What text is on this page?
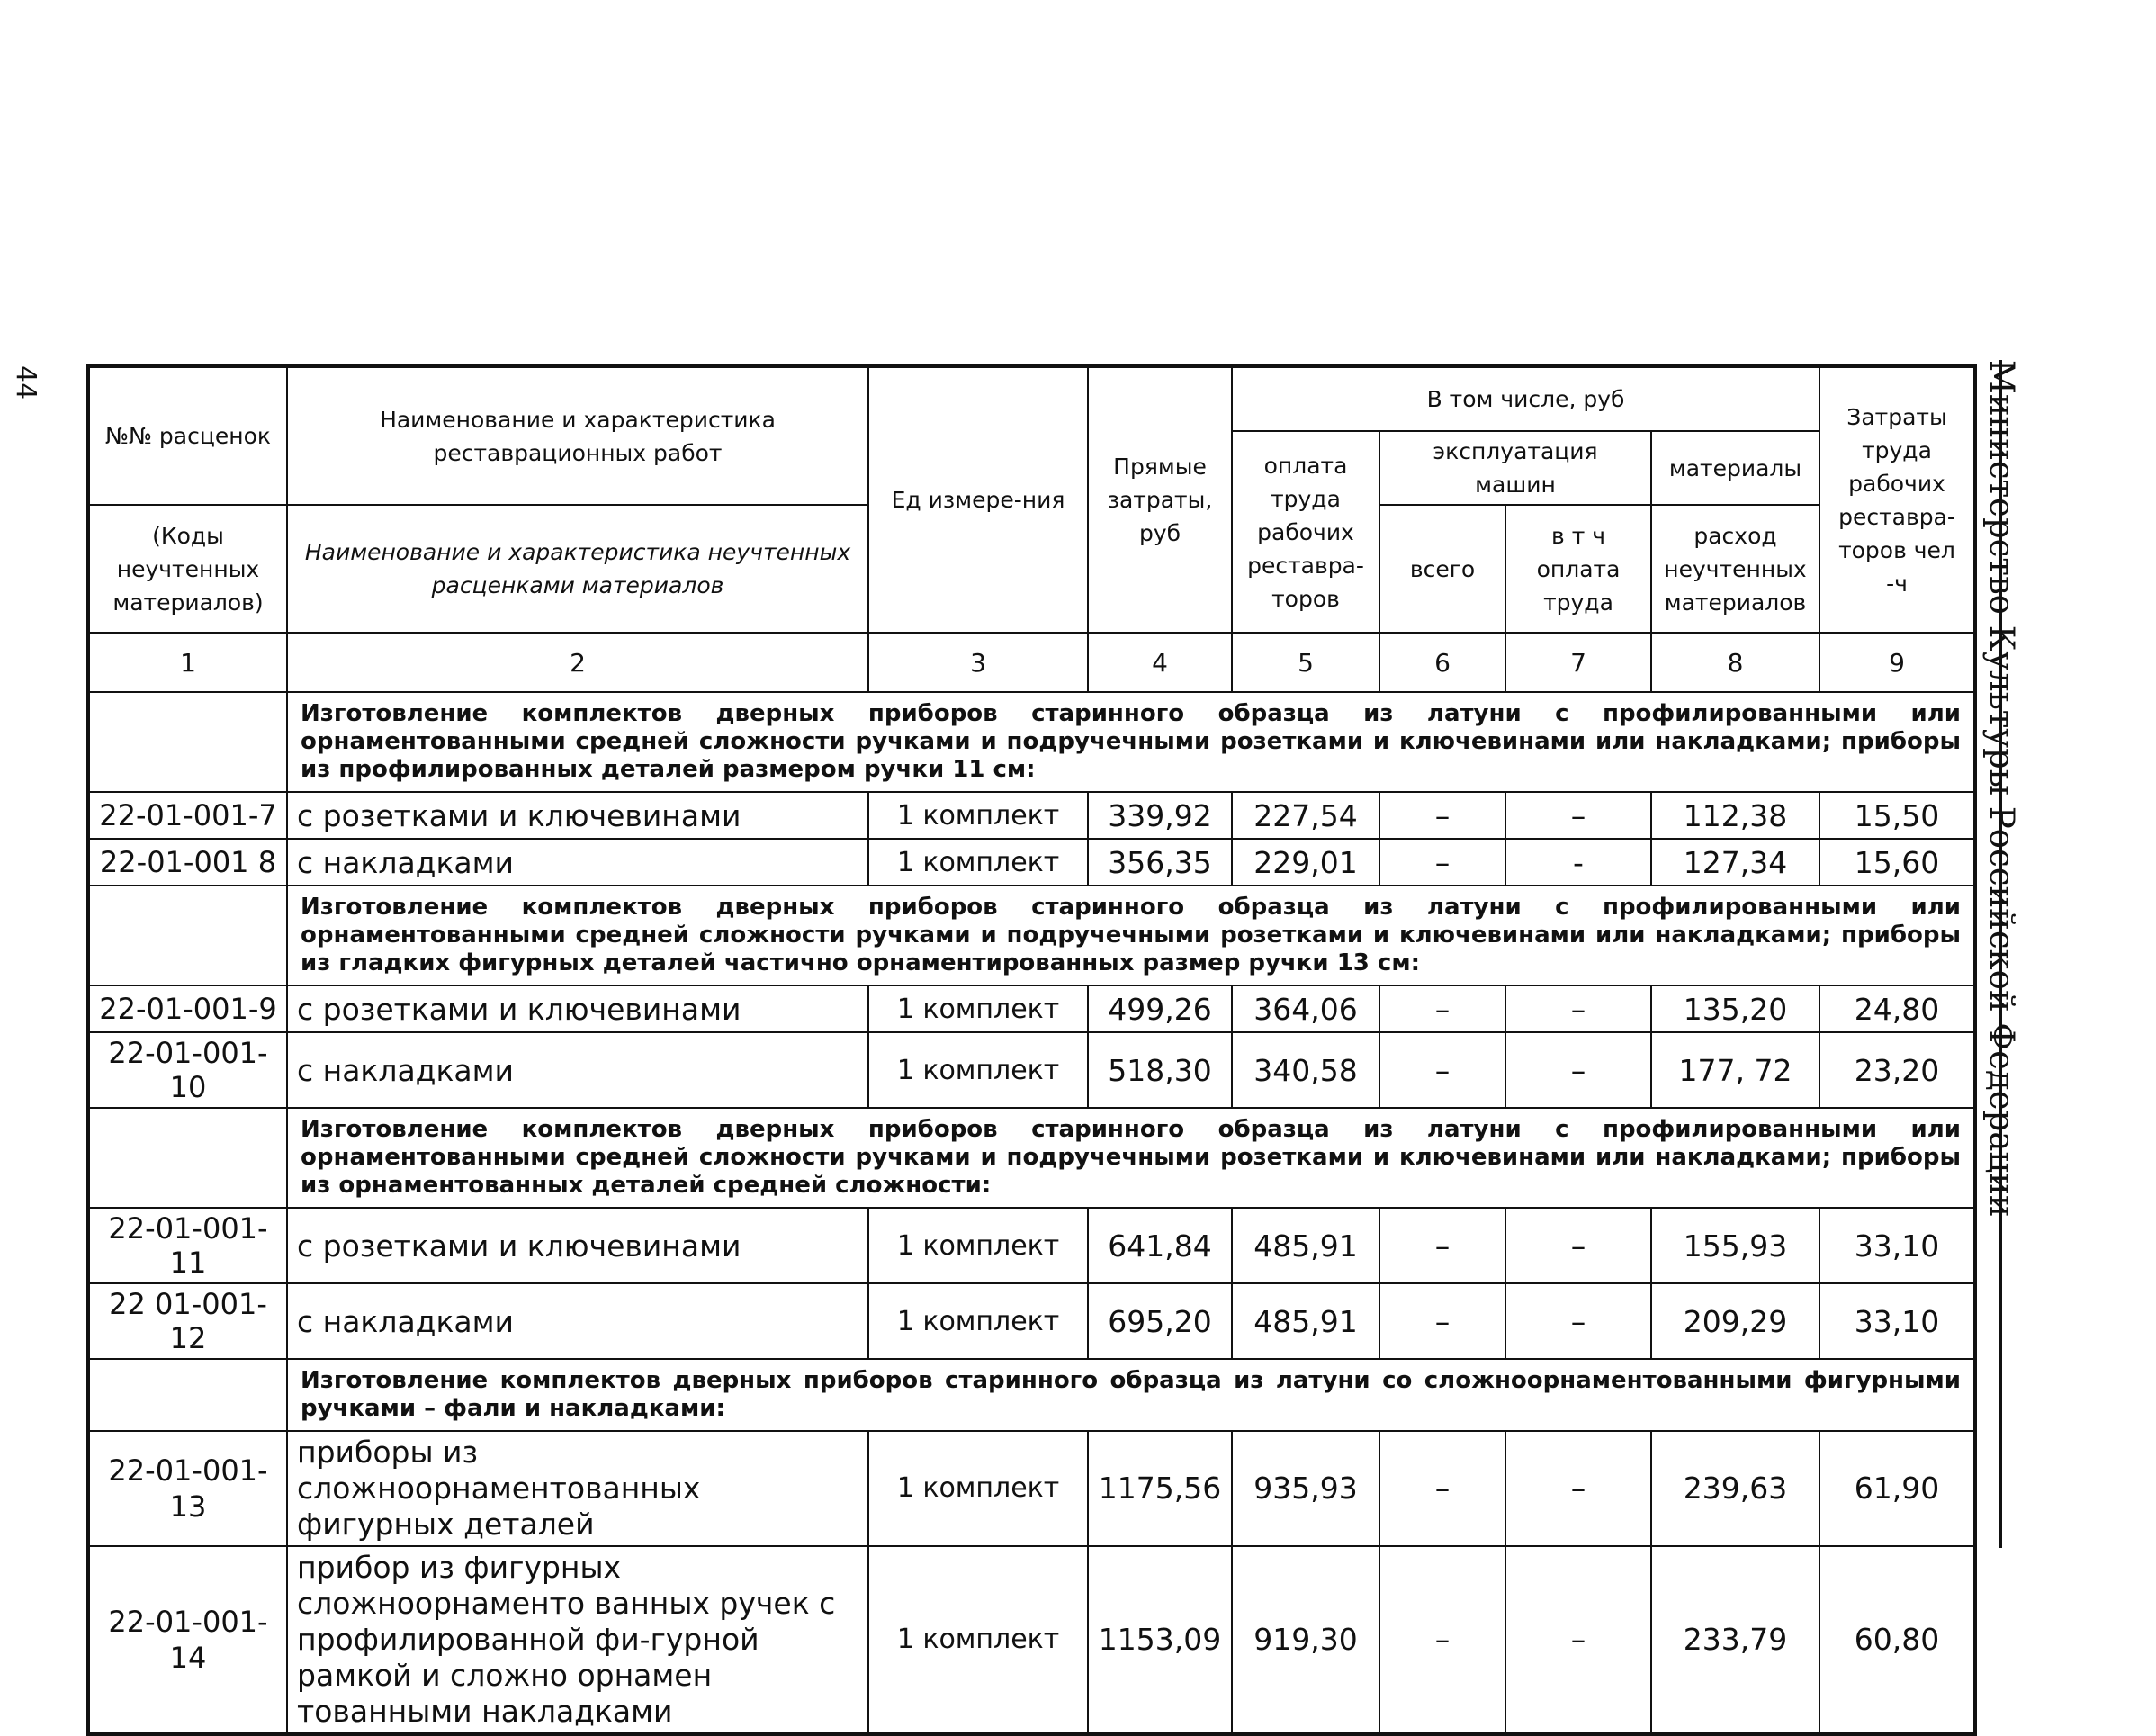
44	Министерство Культуры Российской Федерации
№№ расценок	Наименование и характеристика реставрационных работ	Ед измере-ния	Прямые затраты, руб	В том числе, руб				Затраты труда рабочих реставра-торов чел -ч
				оплата труда рабочих реставра-торов	эксплуатация машин		материалы	
(Коды неучтенных материалов)	Наименование и характеристика неучтенных расценками материалов				всего	в т ч оплата труда	расход неучтенных материалов	

1	2	3	4	5	6	7	8	9
	Изготовление комплектов дверных приборов старинного образца из латуни с профилированными или орнаментованными средней сложности ручками и подручечными розетками и ключевинами или накладками; приборы из профилированных деталей размером ручки 11 см:							
22-01-001-7	с розетками и ключевинами	1 комплект	339,92	227,54	–	–	112,38	15,50
22-01-001 8	с накладками	1 комплект	356,35	229,01	–	-	127,34	15,60
	Изготовление комплектов дверных приборов старинного образца из латуни с профилированными или орнаментованными средней сложности ручками и подручечными розетками и ключевинами или накладками; приборы из гладких фигурных деталей частично орнаментированных размер ручки 13 см:							
22-01-001-9	с розетками и ключевинами	1 комплект	499,26	364,06	–	–	135,20	24,80
22-01-001-10	с накладками	1 комплект	518,30	340,58	–	–	177, 72	23,20
	Изготовление комплектов дверных приборов старинного образца из латуни с профилированными или орнаментованными средней сложности ручками и подручечными розетками и ключевинами или накладками; приборы из орнаментованных деталей средней сложности:							
22-01-001-11	с розетками и ключевинами	1 комплект	641,84	485,91	–	–	155,93	33,10
22 01-001-12	с накладками	1 комплект	695,20	485,91	–	–	209,29	33,10
	Изготовление комплектов дверных приборов старинного образца из латуни со сложноорнаментованными фигурными ручками – фали и накладками:							
22-01-001-13	приборы из сложноорнаментованных фигурных деталей	1 комплект	1175,56	935,93	–	–	239,63	61,90
22-01-001-14	прибор из фигурных сложноорнаменто ванных ручек с профилированной фи-гурной рамкой и сложно орнамен тованными накладками	1 комплект	1153,09	919,30	–	–	233,79	60,80
